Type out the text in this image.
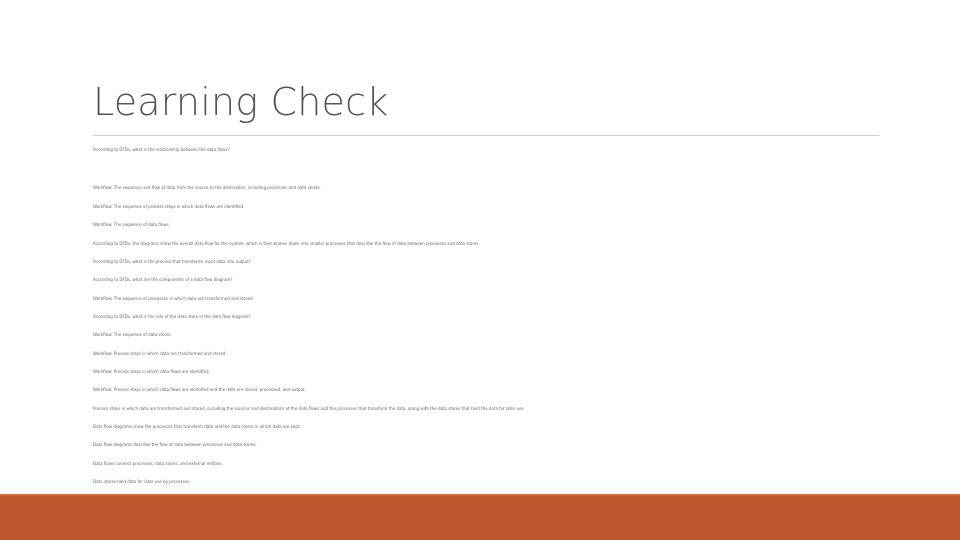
Learning Check
According to DFDs, what is the relationship between the data flows?
Workflow: The sequence and flow of data from the source to the destination, including processes and data stores.
Workflow: The sequence of process steps in which data flows are identified.
Workflow: The sequence of data flows.
According to DFDs, the diagrams show the overall data flow for the system, which is then broken down into smaller processes that describe the flow of data between processes and data stores.
According to DFDs, what is the process that transforms input data into output?
According to DFDs, what are the components of a data flow diagram?
Workflow: The sequence of processes in which data are transformed and stored.
According to DFDs, what is the role of the data store in the data flow diagram?
Workflow: The sequence of data stores.
Workflow: Process steps in which data are transformed and stored.
Workflow: Process steps in which data flows are identified.
Workflow: Process steps in which data flows are identified and the data are stored, processed, and output.
Process steps in which data are transformed and stored, including the sources and destinations of the data flows and the processes that transform the data, along with the data stores that hold the data for later use.
Data flow diagrams show the processes that transform data and the data stores in which data are kept.
Data flow diagrams describe the flow of data between processes and data stores.
Data flows connect processes, data stores, and external entities.
Data stores hold data for later use by processes.
